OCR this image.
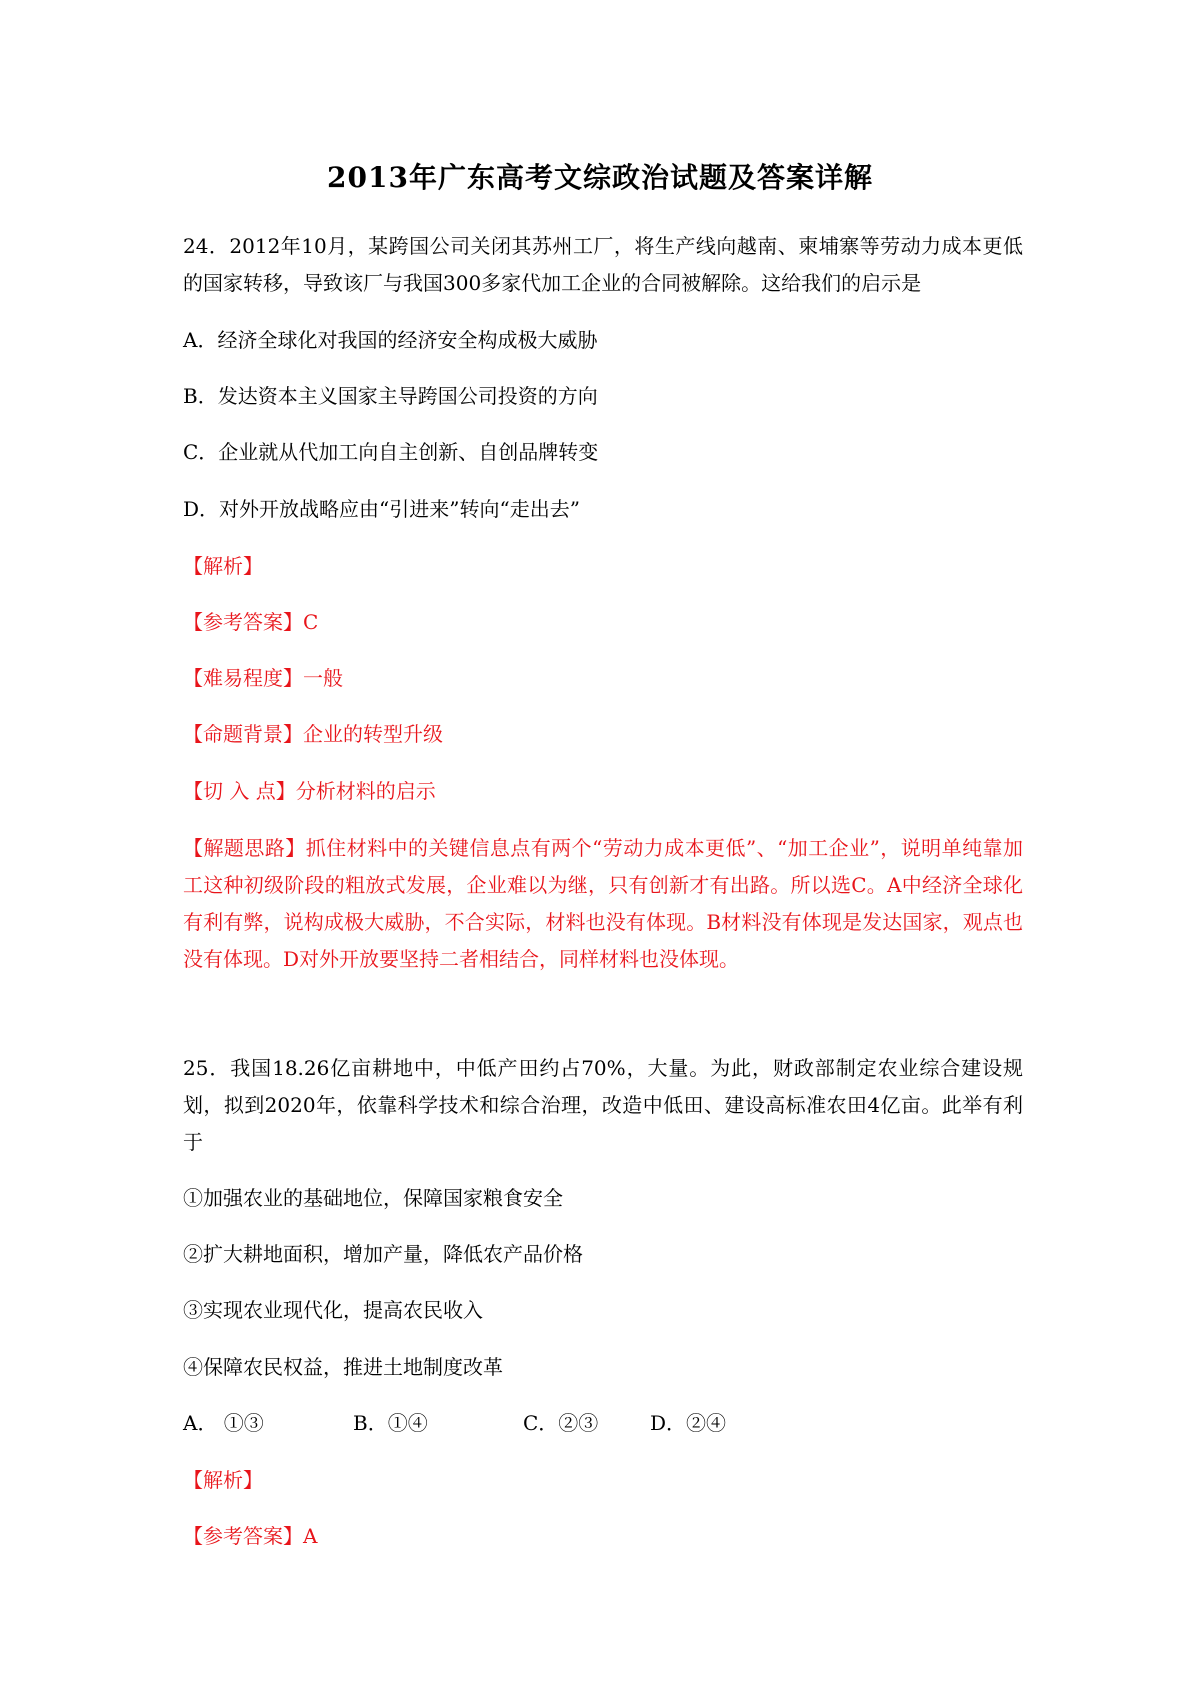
2013年广东高考文综政治试题及答案详解
24．2012年10月，某跨国公司关闭其苏州工厂，将生产线向越南、柬埔寨等劳动力成本更低的国家转移，导致该厂与我国300多家代加工企业的合同被解除。这给我们的启示是
A．经济全球化对我国的经济安全构成极大威胁
B．发达资本主义国家主导跨国公司投资的方向
C．企业就从代加工向自主创新、自创品牌转变
D．对外开放战略应由“引进来”转向“走出去”
【解析】
【参考答案】C
【难易程度】一般
【命题背景】企业的转型升级
【切 入 点】分析材料的启示
【解题思路】抓住材料中的关键信息点有两个“劳动力成本更低”、“加工企业”，说明单纯靠加工这种初级阶段的粗放式发展，企业难以为继，只有创新才有出路。所以选C。A中经济全球化有利有弊，说构成极大威胁，不合实际，材料也没有体现。B材料没有体现是发达国家，观点也没有体现。D对外开放要坚持二者相结合，同样材料也没体现。
25．我国18.26亿亩耕地中，中低产田约占70%，大量。为此，财政部制定农业综合建设规划，拟到2020年，依靠科学技术和综合治理，改造中低田、建设高标准农田4亿亩。此举有利于
①加强农业的基础地位，保障国家粮食安全
②扩大耕地面积，增加产量，降低农产品价格
③实现农业现代化，提高农民收入
④保障农民权益，推进土地制度改革
A． ①③	B．①④	C．②③	D．②④
【解析】
【参考答案】A
